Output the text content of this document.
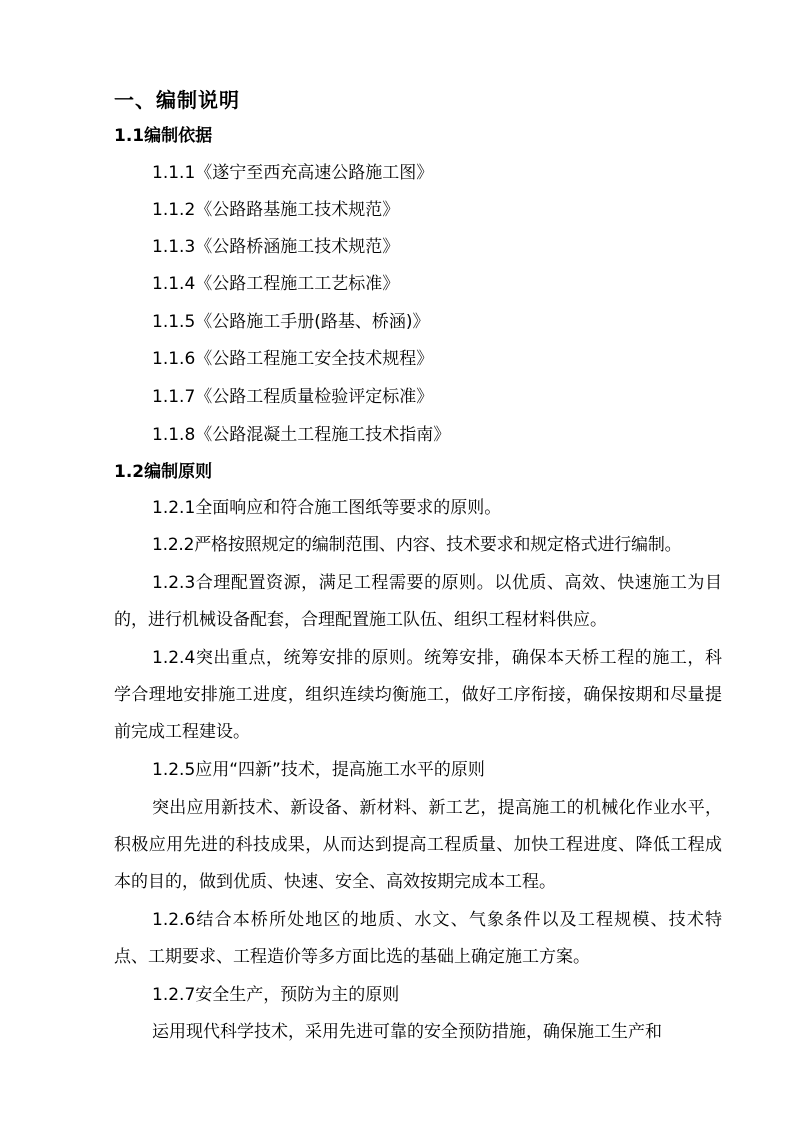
一、编制说明
1.1编制依据
1.1.1《遂宁至西充高速公路施工图》
1.1.2《公路路基施工技术规范》
1.1.3《公路桥涵施工技术规范》
1.1.4《公路工程施工工艺标准》
1.1.5《公路施工手册(路基、桥涵)》
1.1.6《公路工程施工安全技术规程》
1.1.7《公路工程质量检验评定标准》
1.1.8《公路混凝土工程施工技术指南》
1.2编制原则
1.2.1全面响应和符合施工图纸等要求的原则。
1.2.2严格按照规定的编制范围、内容、技术要求和规定格式进行编制。
1.2.3合理配置资源，满足工程需要的原则。以优质、高效、快速施工为目的，进行机械设备配套，合理配置施工队伍、组织工程材料供应。
1.2.4突出重点，统筹安排的原则。统筹安排，确保本天桥工程的施工，科学合理地安排施工进度，组织连续均衡施工，做好工序衔接，确保按期和尽量提前完成工程建设。
1.2.5应用“四新”技术，提高施工水平的原则
突出应用新技术、新设备、新材料、新工艺，提高施工的机械化作业水平，积极应用先进的科技成果，从而达到提高工程质量、加快工程进度、降低工程成本的目的，做到优质、快速、安全、高效按期完成本工程。
1.2.6结合本桥所处地区的地质、水文、气象条件以及工程规模、技术特点、工期要求、工程造价等多方面比选的基础上确定施工方案。
1.2.7安全生产，预防为主的原则
运用现代科学技术，采用先进可靠的安全预防措施，确保施工生产和
